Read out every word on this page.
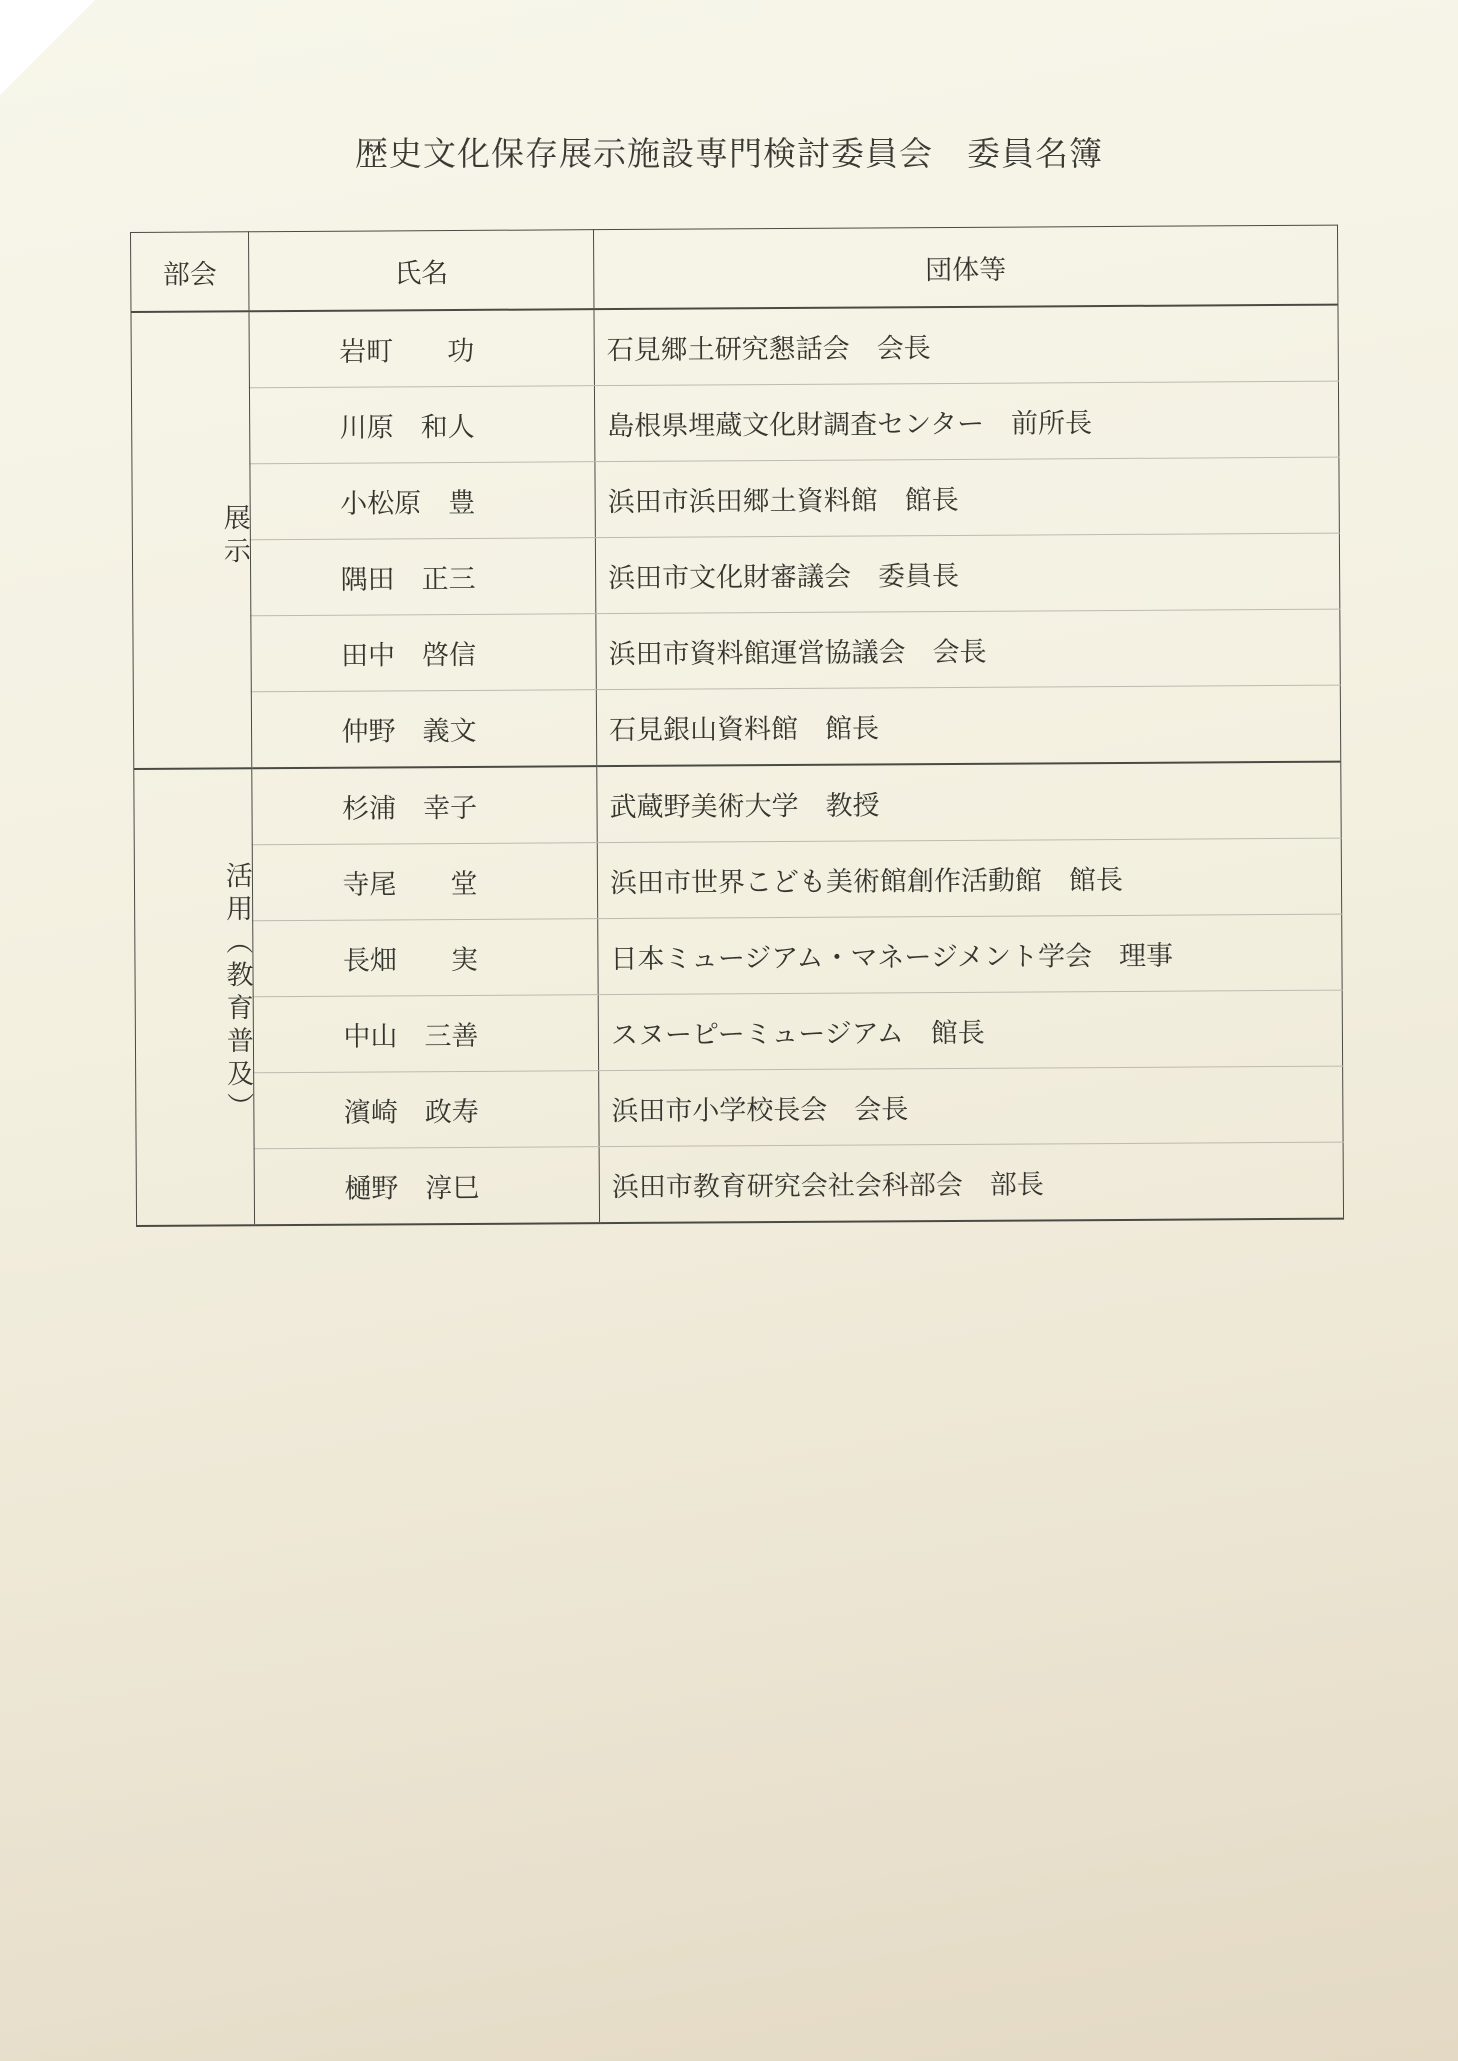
歴史文化保存展示施設専門検討委員会　委員名簿
部会	氏名	団体等

展示	岩町　　功	石見郷土研究懇話会　会長
	川原　和人	島根県埋蔵文化財調査センター　前所長
	小松原　豊	浜田市浜田郷土資料館　館長
	隅田　正三	浜田市文化財審議会　委員長
	田中　啓信	浜田市資料館運営協議会　会長
	仲野　義文	石見銀山資料館　館長

活用（教育普及）	杉浦　幸子	武蔵野美術大学　教授
	寺尾　　堂	浜田市世界こども美術館創作活動館　館長
	長畑　　実	日本ミュージアム・マネージメント学会　理事
	中山　三善	スヌーピーミュージアム　館長
	濱崎　政寿	浜田市小学校長会　会長
	樋野　淳巳	浜田市教育研究会社会科部会　部長
